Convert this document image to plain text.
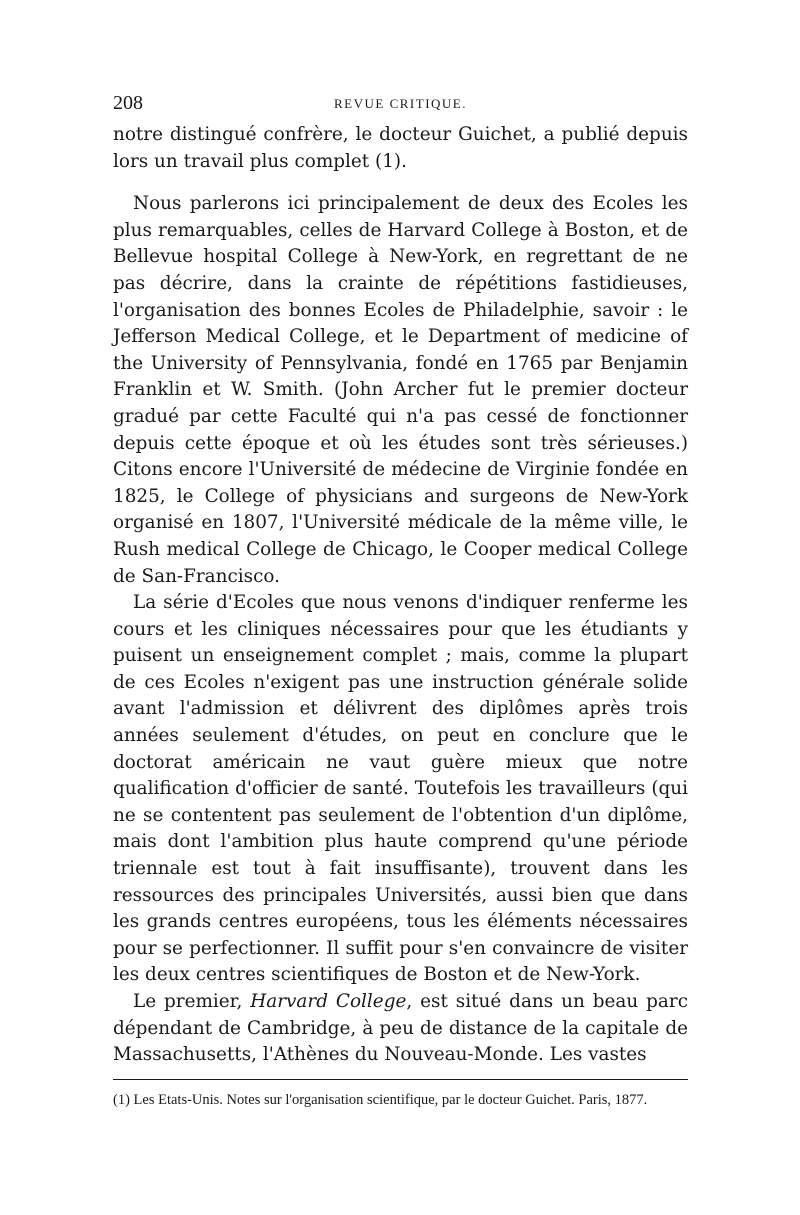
208	REVUE CRITIQUE.

notre distingué confrère, le docteur Guichet, a publié depuis lors un travail plus complet (1).

Nous parlerons ici principalement de deux des Ecoles les plus remarquables, celles de Harvard College à Boston, et de Bellevue hospital College à New-York, en regrettant de ne pas décrire, dans la crainte de répétitions fastidieuses, l'organisation des bonnes Ecoles de Philadelphie, savoir : le Jefferson Medical College, et le Department of medicine of the University of Pennsylvania, fondé en 1765 par Benjamin Franklin et W. Smith. (John Archer fut le premier docteur gradué par cette Faculté qui n'a pas cessé de fonctionner depuis cette époque et où les études sont très sérieuses.) Citons encore l'Université de médecine de Virginie fondée en 1825, le College of physicians and surgeons de New-York organisé en 1807, l'Université médicale de la même ville, le Rush medical College de Chicago, le Cooper medical College de San-Francisco.

La série d'Ecoles que nous venons d'indiquer renferme les cours et les cliniques nécessaires pour que les étudiants y puisent un enseignement complet ; mais, comme la plupart de ces Ecoles n'exigent pas une instruction générale solide avant l'admission et délivrent des diplômes après trois années seulement d'études, on peut en conclure que le doctorat américain ne vaut guère mieux que notre qualification d'officier de santé. Toutefois les travailleurs (qui ne se contentent pas seulement de l'obtention d'un diplôme, mais dont l'ambition plus haute comprend qu'une période triennale est tout à fait insuffisante), trouvent dans les ressources des principales Universités, aussi bien que dans les grands centres européens, tous les éléments nécessaires pour se perfectionner. Il suffit pour s'en convaincre de visiter les deux centres scientifiques de Boston et de New-York.

Le premier, Harvard College, est situé dans un beau parc dépendant de Cambridge, à peu de distance de la capitale de Massachusetts, l'Athènes du Nouveau-Monde. Les vastes

(1) Les Etats-Unis. Notes sur l'organisation scientifique, par le docteur Guichet. Paris, 1877.
